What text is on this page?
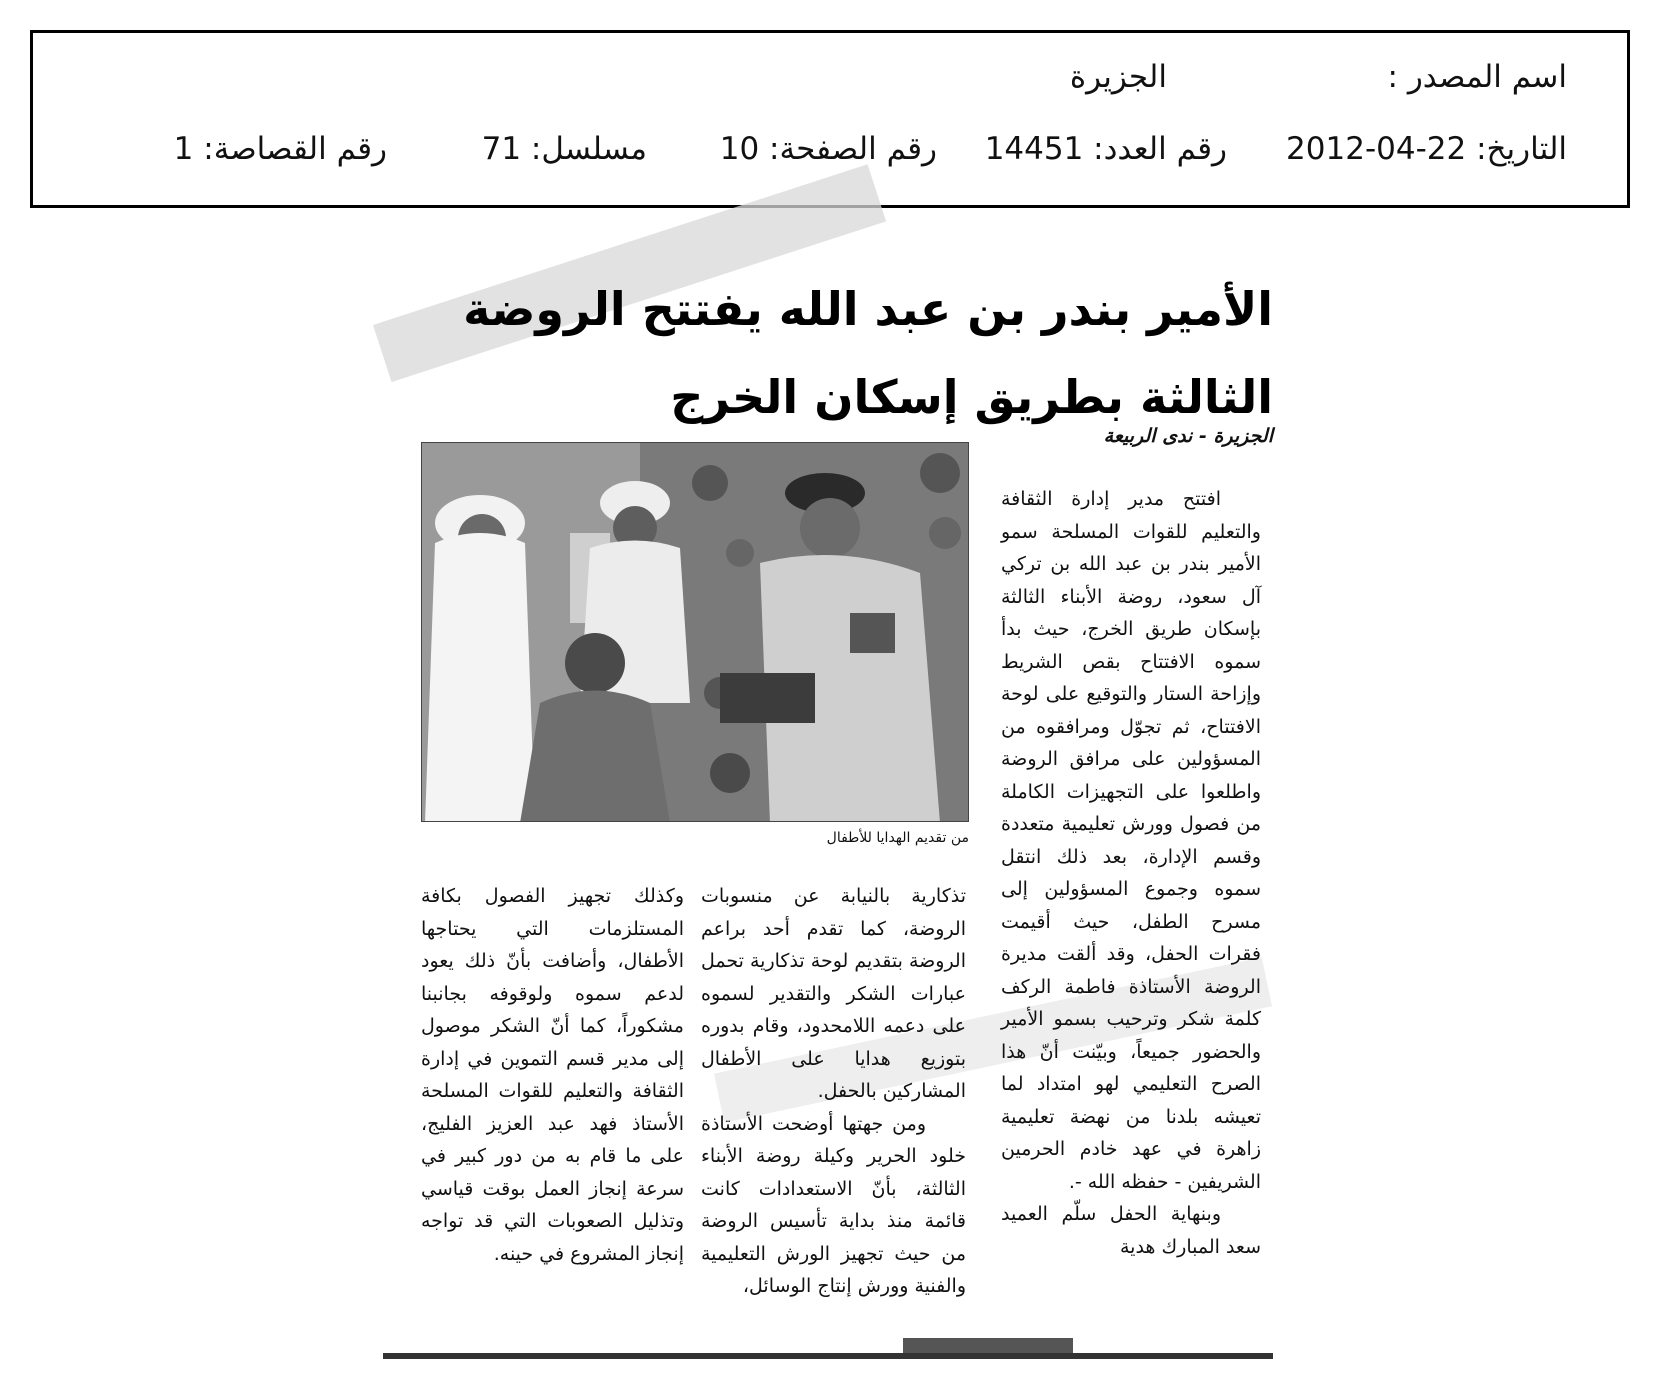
اسم المصدر :
الجزيرة
التاريخ: 22-04-2012
رقم العدد: 14451
رقم الصفحة: 10
مسلسل: 71
رقم القصاصة: 1
الأمير بندر بن عبد الله يفتتح الروضة الثالثة بطريق إسكان الخرج
الجزيرة - ندى الربيعة
من تقديم الهدايا للأطفال

افتتح مدير إدارة الثقافة والتعليم للقوات المسلحة سمو الأمير بندر بن عبد الله بن تركي آل سعود، روضة الأبناء الثالثة بإسكان طريق الخرج، حيث بدأ سموه الافتتاح بقص الشريط وإزاحة الستار والتوقيع على لوحة الافتتاح، ثم تجوّل ومرافقوه من المسؤولين على مرافق الروضة واطلعوا على التجهيزات الكاملة من فصول وورش تعليمية متعددة وقسم الإدارة، بعد ذلك انتقل سموه وجموع المسؤولين إلى مسرح الطفل، حيث أقيمت فقرات الحفل، وقد ألقت مديرة الروضة الأستاذة فاطمة الركف كلمة شكر وترحيب بسمو الأمير والحضور جميعاً، وبيّنت أنّ هذا الصرح التعليمي لهو امتداد لما تعيشه بلدنا من نهضة تعليمية زاهرة في عهد خادم الحرمين الشريفين - حفظه الله -.

وبنهاية الحفل سلّم العميد سعد المبارك هدية

تذكارية بالنيابة عن منسوبات الروضة، كما تقدم أحد براعم الروضة بتقديم لوحة تذكارية تحمل عبارات الشكر والتقدير لسموه على دعمه اللامحدود، وقام بدوره بتوزيع هدايا على الأطفال المشاركين بالحفل.

ومن جهتها أوضحت الأستاذة خلود الحرير وكيلة روضة الأبناء الثالثة، بأنّ الاستعدادات كانت قائمة منذ بداية تأسيس الروضة من حيث تجهيز الورش التعليمية والفنية وورش إنتاج الوسائل،

وكذلك تجهيز الفصول بكافة المستلزمات التي يحتاجها الأطفال، وأضافت بأنّ ذلك يعود لدعم سموه ولوقوفه بجانبنا مشكوراً، كما أنّ الشكر موصول إلى مدير قسم التموين في إدارة الثقافة والتعليم للقوات المسلحة الأستاذ فهد عبد العزيز الفليج، على ما قام به من دور كبير في سرعة إنجاز العمل بوقت قياسي وتذليل الصعوبات التي قد تواجه إنجاز المشروع في حينه.
